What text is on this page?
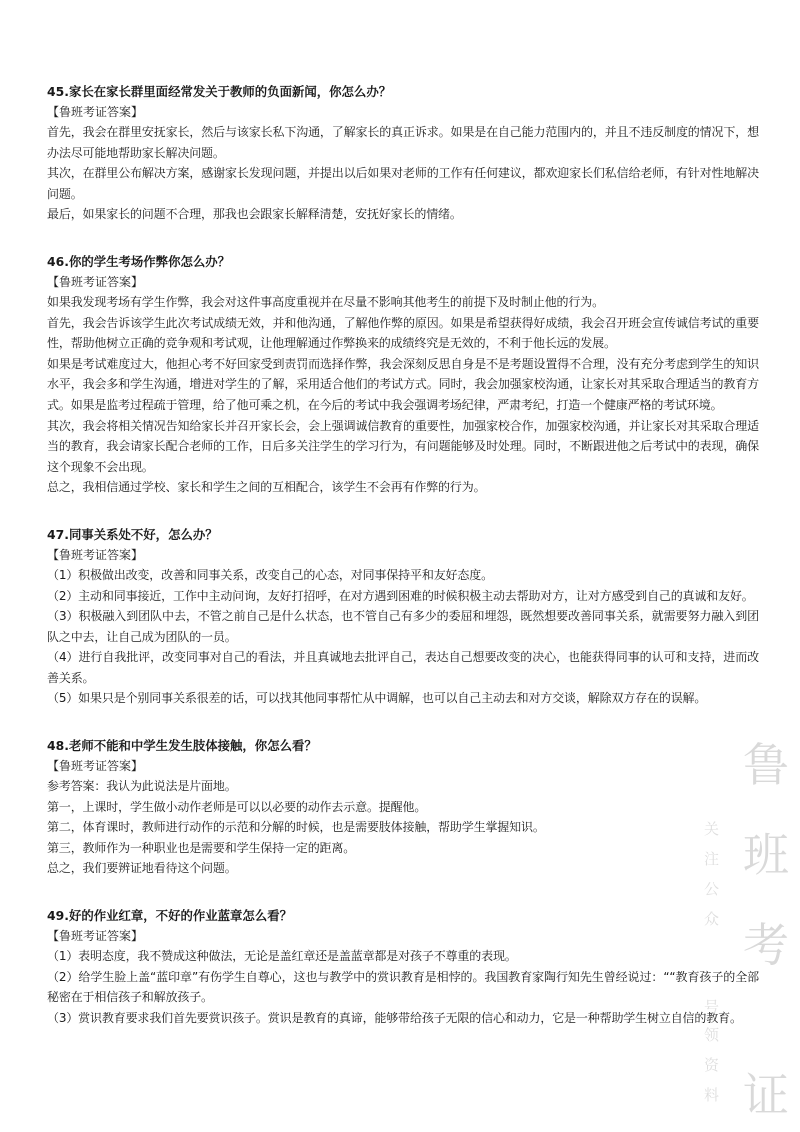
45.家长在家长群里面经常发关于教师的负面新闻，你怎么办？
【鲁班考证答案】
首先，我会在群里安抚家长，然后与该家长私下沟通，了解家长的真正诉求。如果是在自己能力范围内的，并且不违反制度的情况下，想办法尽可能地帮助家长解决问题。
其次，在群里公布解决方案，感谢家长发现问题，并提出以后如果对老师的工作有任何建议，都欢迎家长们私信给老师，有针对性地解决问题。
最后，如果家长的问题不合理，那我也会跟家长解释清楚，安抚好家长的情绪。
46.你的学生考场作弊你怎么办？
【鲁班考证答案】
如果我发现考场有学生作弊，我会对这件事高度重视并在尽量不影响其他考生的前提下及时制止他的行为。
首先，我会告诉该学生此次考试成绩无效，并和他沟通，了解他作弊的原因。如果是希望获得好成绩，我会召开班会宣传诚信考试的重要性，帮助他树立正确的竞争观和考试观，让他理解通过作弊换来的成绩终究是无效的，不利于他长远的发展。
如果是考试难度过大，他担心考不好回家受到责罚而选择作弊，我会深刻反思自身是不是考题设置得不合理，没有充分考虑到学生的知识水平，我会多和学生沟通，增进对学生的了解，采用适合他们的考试方式。同时，我会加强家校沟通，让家长对其采取合理适当的教育方式。如果是监考过程疏于管理，给了他可乘之机，在今后的考试中我会强调考场纪律，严肃考纪，打造一个健康严格的考试环境。
其次，我会将相关情况告知给家长并召开家长会，会上强调诚信教育的重要性，加强家校合作，加强家校沟通，并让家长对其采取合理适当的教育，我会请家长配合老师的工作，日后多关注学生的学习行为，有问题能够及时处理。同时，不断跟进他之后考试中的表现，确保这个现象不会出现。
总之，我相信通过学校、家长和学生之间的互相配合，该学生不会再有作弊的行为。
47.同事关系处不好，怎么办？
【鲁班考证答案】
（1）积极做出改变，改善和同事关系，改变自己的心态，对同事保持平和友好态度。
（2）主动和同事接近，工作中主动问询，友好打招呼，在对方遇到困难的时候积极主动去帮助对方，让对方感受到自己的真诚和友好。
（3）积极融入到团队中去，不管之前自己是什么状态，也不管自己有多少的委屈和埋怨，既然想要改善同事关系，就需要努力融入到团队之中去，让自己成为团队的一员。
（4）进行自我批评，改变同事对自己的看法，并且真诚地去批评自己，表达自己想要改变的决心，也能获得同事的认可和支持，进而改善关系。
（5）如果只是个别同事关系很差的话，可以找其他同事帮忙从中调解，也可以自己主动去和对方交谈，解除双方存在的误解。
48.老师不能和中学生发生肢体接触，你怎么看？
【鲁班考证答案】
参考答案：我认为此说法是片面地。
第一，上课时，学生做小动作老师是可以以必要的动作去示意。提醒他。
第二，体育课时，教师进行动作的示范和分解的时候，也是需要肢体接触，帮助学生掌握知识。
第三，教师作为一种职业也是需要和学生保持一定的距离。
总之，我们要辨证地看待这个问题。
49.好的作业红章，不好的作业蓝章怎么看？
【鲁班考证答案】
（1）表明态度，我不赞成这种做法，无论是盖红章还是盖蓝章都是对孩子不尊重的表现。
（2）给学生脸上盖“蓝印章”有伤学生自尊心，这也与教学中的赏识教育是相悖的。我国教育家陶行知先生曾经说过：““教育孩子的全部秘密在于相信孩子和解放孩子。
（3）赏识教育要求我们首先要赏识孩子。赏识是教育的真谛，能够带给孩子无限的信心和动力，它是一种帮助学生树立自信的教育。
鲁
班
考
证
关
注
公
众
号
领
资
料
